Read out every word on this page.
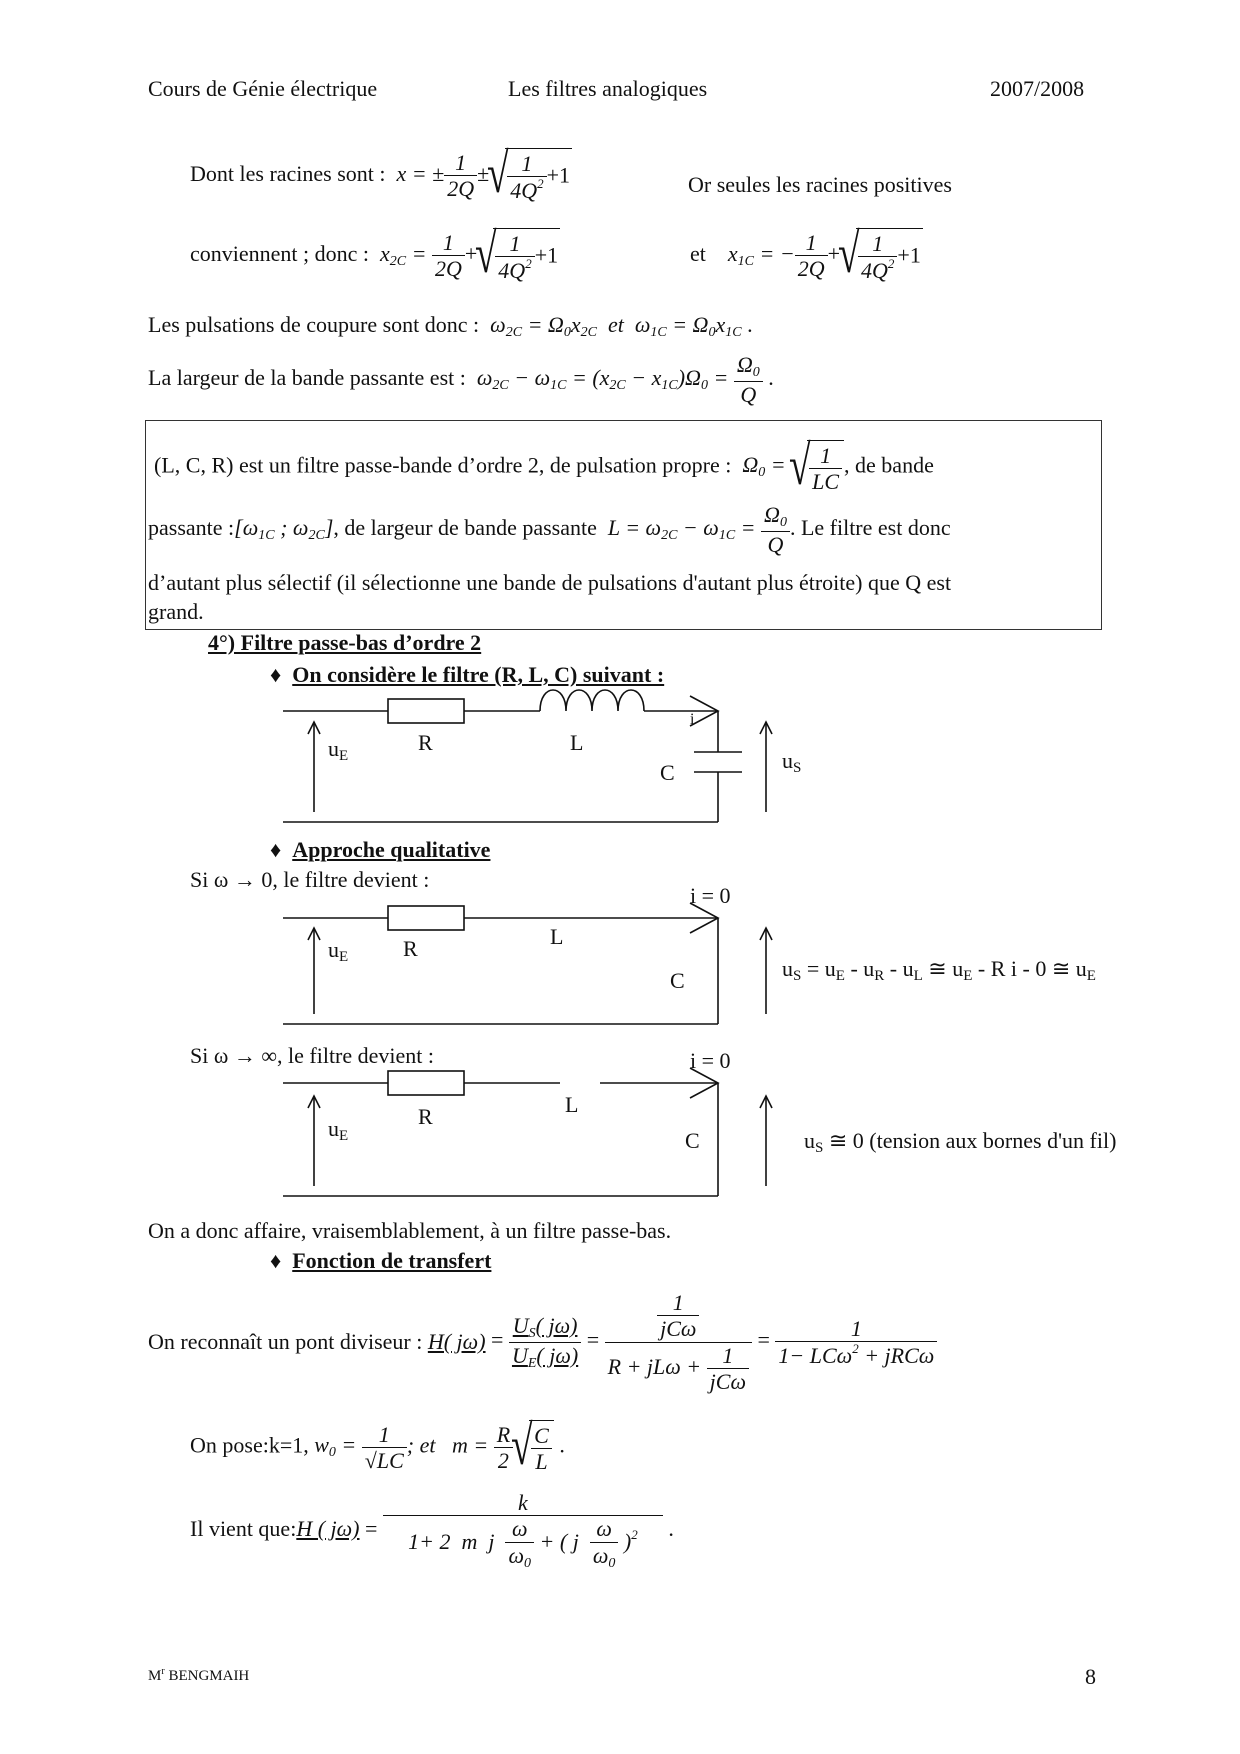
Cours de Génie électrique	Les filtres analogiques	2007/2008
Dont les racines sont :  x = ± $\frac{1}{2Q}$ ± √ $\frac{1}{4Q^2} +1$	Or seules les racines positives
conviennent ; donc :  $x_{2C} = \frac{1}{2Q}$ + √ $\frac{1}{4Q^2} +1$	et    $x_{1C}$ = − $\frac{1}{2Q}$ + √ $\frac{1}{4Q^2} +1$
Les pulsations de coupure sont donc :  $\omega_{2C} = \Omega_0x_{2C}$  et  $\omega_{1C} = \Omega_0x_{1C}$ .
La largeur de la bande passante est :  $\omega_{2C} - \omega_{1C} = (x_{2C} - x_{1C})\Omega_0 = \frac{\Omega_0}{Q}$ .
(L, C, R) est un filtre passe-bande d’ordre 2, de pulsation propre :  $\Omega_0$ = √ $\frac{1}{LC}$ , de bande
passante $:[\omega_{1C}$ ; $\omega_{2C}$], de largeur de bande passante  $L = \omega_{2C} - \omega_{1C} = \frac{\Omega_0}{Q}$ . Le filtre est donc
d’autant plus sélectif (il sélectionne une bande de pulsations d'autant plus étroite) que Q est
grand.
4°) Filtre passe-bas d’ordre 2
♦  On considère le filtre (R, L, C) suivant :
uE
R	L
C
i
uS
♦  Approche qualitative
Si ω → 0, le filtre devient :
i = 0
uE R	L
C	uS = uE - uR - uL ≅ uE - R i - 0 ≅ uE
Si ω → ∞, le filtre devient :	i = 0
uE
R	L
C	uS ≅ 0 (tension aux bornes d'un fil)
On a donc affaire, vraisemblablement, à un filtre passe-bas.
♦  Fonction de transfert
On reconnaît un pont diviseur : H( $j\omega) = \frac{U_S( j\omega)}{U_E( j\omega)} = \frac{\frac{1}{\text{jCω}}}{R + jL\omega + \frac{1}{\text{jCω}}} = \frac{1}{1- LC\omega^2 + jRC\omega}$
On pose:k=1, $w_0 = \frac{1}{√LC}$ ; et   $m = \frac{R}{2}$ √ $\frac{C}{L}$ .
Il vient que:H ( $j\omega) = \frac{k}{1+ 2 m j \frac{\omega}{\omega_0} + ( j \frac{\omega}{\omega_0} )^2}$ .
$M^r$ BENGMAIH	8
